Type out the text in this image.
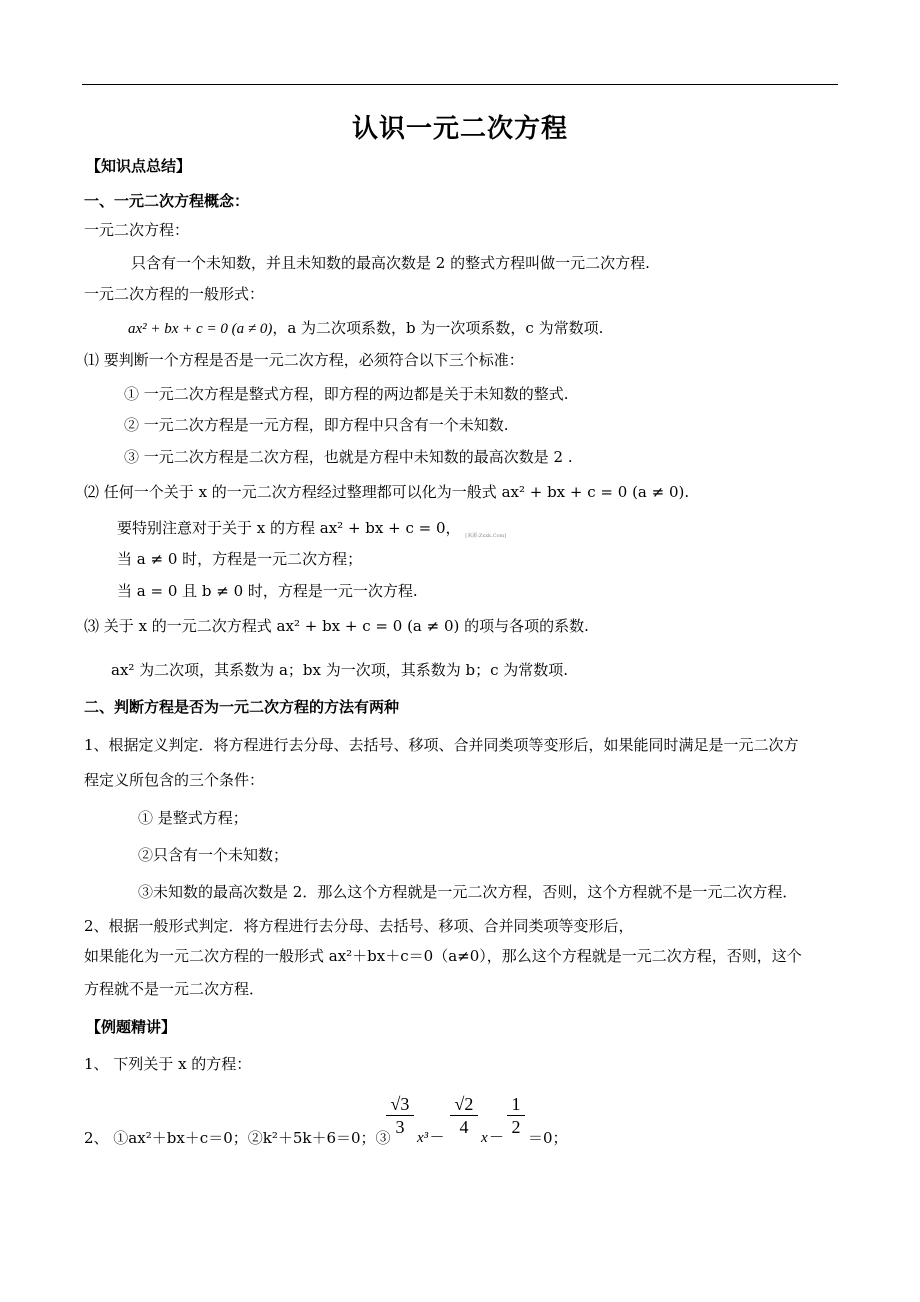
认识一元二次方程
【知识点总结】
一、一元二次方程概念：
一元二次方程：
只含有一个未知数，并且未知数的最高次数是 2 的整式方程叫做一元二次方程.
一元二次方程的一般形式：
ax² + bx + c = 0 (a ≠ 0)，a 为二次项系数，b 为一次项系数，c 为常数项.
⑴ 要判断一个方程是否是一元二次方程，必须符合以下三个标准：
① 一元二次方程是整式方程，即方程的两边都是关于未知数的整式.
② 一元二次方程是一元方程，即方程中只含有一个未知数.
③ 一元二次方程是二次方程，也就是方程中未知数的最高次数是 2 .
⑵ 任何一个关于 x 的一元二次方程经过整理都可以化为一般式 ax² + bx + c = 0 (a ≠ 0).
要特别注意对于关于 x 的方程 ax² + bx + c = 0， $_{[来源:Zxxk.Com]}$
当 a ≠ 0 时，方程是一元二次方程；
当 a = 0 且 b ≠ 0 时，方程是一元一次方程.
⑶ 关于 x 的一元二次方程式 ax² + bx + c = 0 (a ≠ 0) 的项与各项的系数.
ax² 为二次项，其系数为 a；bx 为一次项，其系数为 b；c 为常数项.
二、判断方程是否为一元二次方程的方法有两种
1、根据定义判定．将方程进行去分母、去括号、移项、合并同类项等变形后，如果能同时满足是一元二次方
程定义所包含的三个条件：
① 是整式方程；
②只含有一个未知数；
③未知数的最高次数是 2．那么这个方程就是一元二次方程，否则，这个方程就不是一元二次方程．
2、根据一般形式判定．将方程进行去分母、去括号、移项、合并同类项等变形后，
如果能化为一元二次方程的一般形式 ax²＋bx＋c＝0（a≠0），那么这个方程就是一元二次方程，否则，这个
方程就不是一元二次方程．
【例题精讲】
1、 下列关于 x 的方程：
2、 ①ax²＋bx＋c＝0；②k²＋5k＋6＝0；③
√3
3
x³－
√2
4
x－
1
2
＝0；
